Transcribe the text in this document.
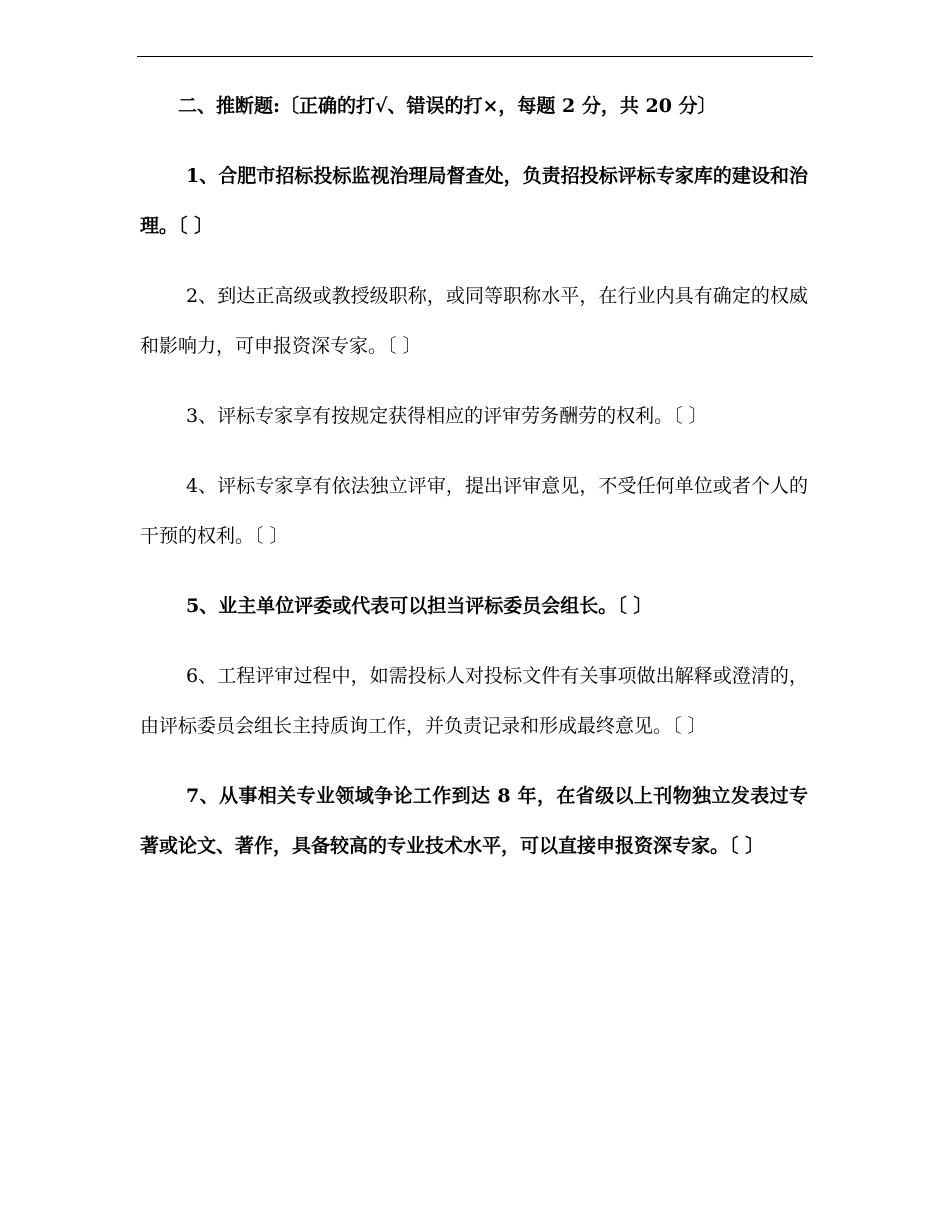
二、推断题:〔正确的打√、错误的打×，每题 2 分，共 20 分〕

1、合肥市招标投标监视治理局督查处，负责招投标评标专家库的建设和治理。〔 〕

2、到达正高级或教授级职称，或同等职称水平，在行业内具有确定的权威和影响力，可申报资深专家。〔 〕

3、评标专家享有按规定获得相应的评审劳务酬劳的权利。〔 〕

4、评标专家享有依法独立评审，提出评审意见，不受任何单位或者个人的干预的权利。〔 〕

5、业主单位评委或代表可以担当评标委员会组长。〔 〕

6、工程评审过程中，如需投标人对投标文件有关事项做出解释或澄清的，由评标委员会组长主持质询工作，并负责记录和形成最终意见。〔 〕

7、从事相关专业领域争论工作到达 8 年，在省级以上刊物独立发表过专著或论文、著作，具备较高的专业技术水平，可以直接申报资深专家。〔 〕
